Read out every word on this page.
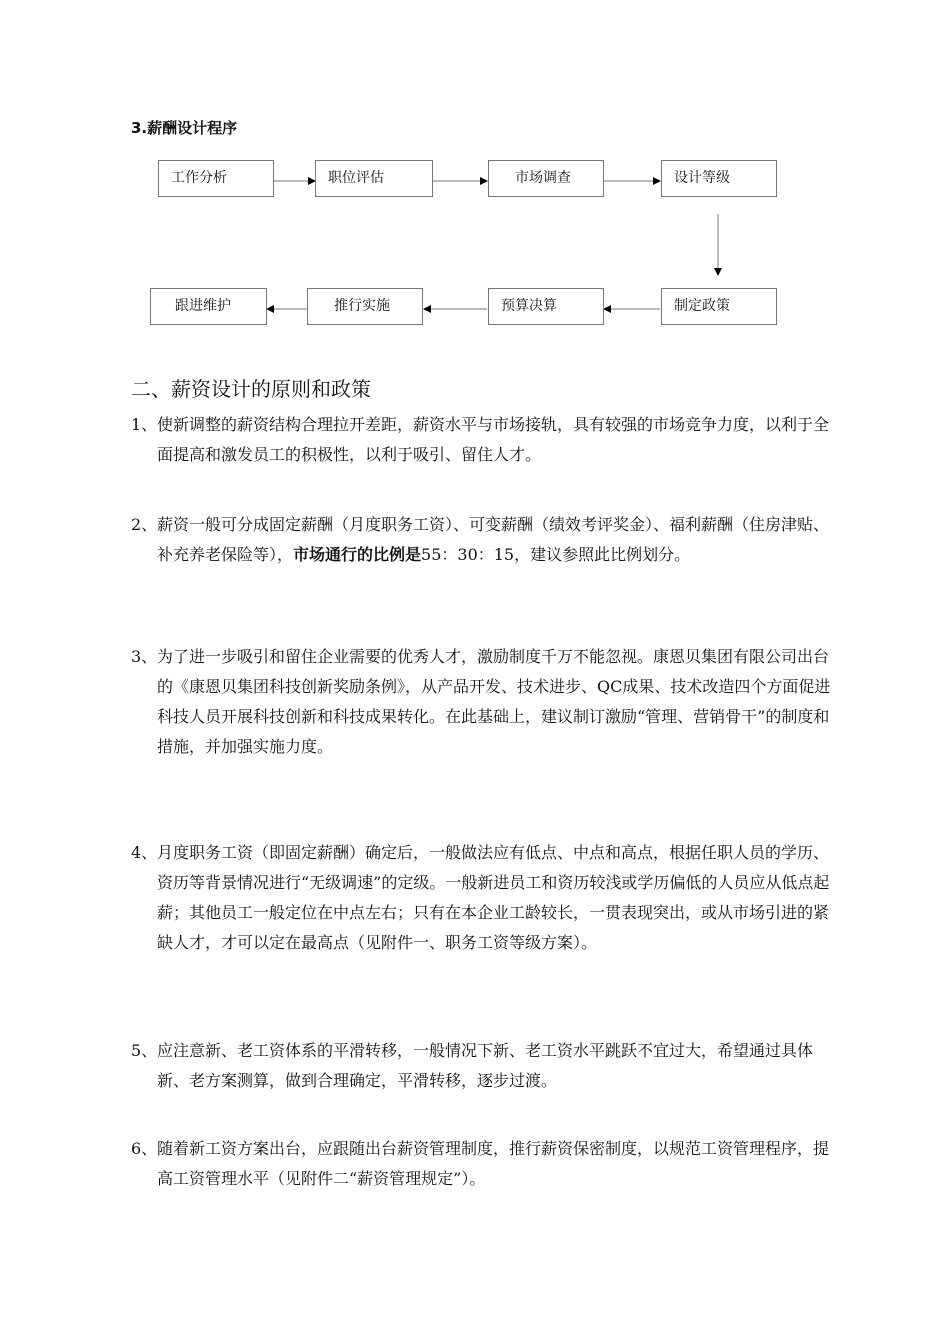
3.薪酬设计程序
工作分析	职位评估	市场调查	设计等级
跟进维护	推行实施	预算决算	制定政策
二、薪资设计的原则和政策
1、 使新调整的薪资结构合理拉开差距，薪资水平与市场接轨，具有较强的市场竞争力度，以利于全面提高和激发员工的积极性，以利于吸引、留住人才。
2、 薪资一般可分成固定薪酬（月度职务工资）、可变薪酬（绩效考评奖金）、福利薪酬（住房津贴、补充养老保险等），市场通行的比例是55：30：15，建议参照此比例划分。
3、 为了进一步吸引和留住企业需要的优秀人才，激励制度千万不能忽视。康恩贝集团有限公司出台的《康恩贝集团科技创新奖励条例》，从产品开发、技术进步、QC成果、技术改造四个方面促进科技人员开展科技创新和科技成果转化。在此基础上，建议制订激励“管理、营销骨干”的制度和措施，并加强实施力度。
4、 月度职务工资（即固定薪酬）确定后，一般做法应有低点、中点和高点，根据任职人员的学历、资历等背景情况进行“无级调速”的定级。一般新进员工和资历较浅或学历偏低的人员应从低点起薪；其他员工一般定位在中点左右；只有在本企业工龄较长，一贯表现突出，或从市场引进的紧缺人才，才可以定在最高点（见附件一、职务工资等级方案）。
5、 应注意新、老工资体系的平滑转移，一般情况下新、老工资水平跳跃不宜过大，希望通过具体新、老方案测算，做到合理确定，平滑转移，逐步过渡。
6、 随着新工资方案出台，应跟随出台薪资管理制度，推行薪资保密制度，以规范工资管理程序，提高工资管理水平（见附件二“薪资管理规定”）。
